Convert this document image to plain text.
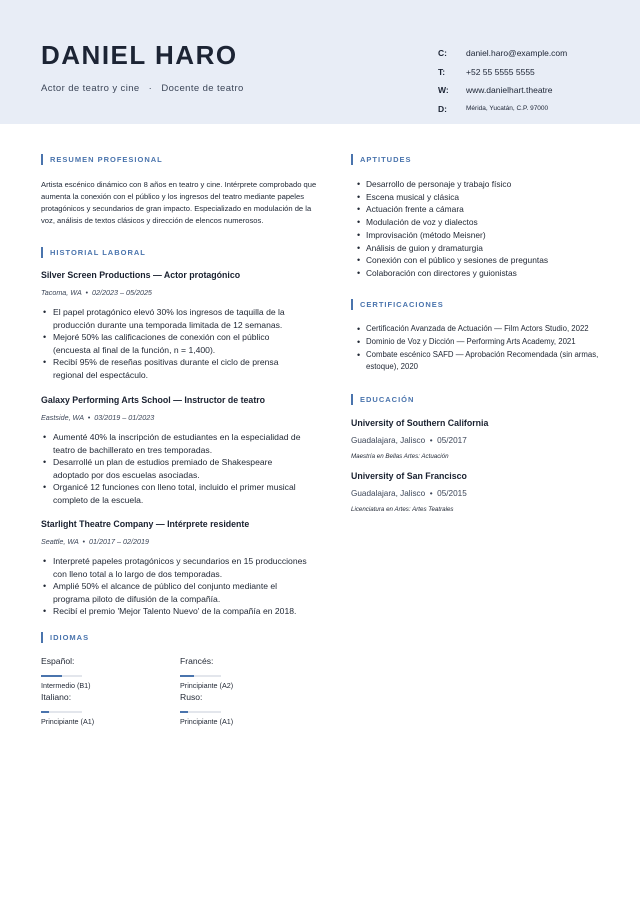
DANIEL HARO
Actor de teatro y cine   ·   Docente de teatro
C:	daniel.haro@example.com
T:	+52 55 5555 5555
W:	www.danielhart.theatre
D:	Mérida, Yucatán, C.P. 97000
RESUMEN PROFESIONAL
Artista escénico dinámico con 8 años en teatro y cine. Intérprete comprobado que aumenta la conexión con el público y los ingresos del teatro mediante papeles protagónicos y secundarios de gran impacto. Especializado en modulación de la voz, análisis de textos clásicos y dirección de elencos numerosos.
HISTORIAL LABORAL
Silver Screen Productions — Actor protagónico
Tacoma, WA  •  02/2023 – 05/2025
• El papel protagónico elevó 30% los ingresos de taquilla de la producción durante una temporada limitada de 12 semanas.
• Mejoré 50% las calificaciones de conexión con el público (encuesta al final de la función, n = 1,400).
• Recibí 95% de reseñas positivas durante el ciclo de prensa regional del espectáculo.
Galaxy Performing Arts School — Instructor de teatro
Eastside, WA  •  03/2019 – 01/2023
• Aumenté 40% la inscripción de estudiantes en la especialidad de teatro de bachillerato en tres temporadas.
• Desarrollé un plan de estudios premiado de Shakespeare adoptado por dos escuelas asociadas.
• Organicé 12 funciones con lleno total, incluido el primer musical completo de la escuela.
Starlight Theatre Company — Intérprete residente
Seattle, WA  •  01/2017 – 02/2019
• Interpreté papeles protagónicos y secundarios en 15 producciones con lleno total a lo largo de dos temporadas.
• Amplié 50% el alcance de público del conjunto mediante el programa piloto de difusión de la compañía.
• Recibí el premio 'Mejor Talento Nuevo' de la compañía en 2018.
IDIOMAS
Español:
Intermedio (B1)
Francés:
Principiante (A2)
Italiano:
Principiante (A1)
Ruso:
Principiante (A1)
APTITUDES
• Desarrollo de personaje y trabajo físico
• Escena musical y clásica
• Actuación frente a cámara
• Modulación de voz y dialectos
• Improvisación (método Meisner)
• Análisis de guion y dramaturgia
• Conexión con el público y sesiones de preguntas
• Colaboración con directores y guionistas
CERTIFICACIONES
• Certificación Avanzada de Actuación — Film Actors Studio, 2022
• Dominio de Voz y Dicción — Performing Arts Academy, 2021
• Combate escénico SAFD — Aprobación Recomendada (sin armas, estoque), 2020
EDUCACIÓN
University of Southern California
Guadalajara, Jalisco  •  05/2017
Maestría en Bellas Artes: Actuación
University of San Francisco
Guadalajara, Jalisco  •  05/2015
Licenciatura en Artes: Artes Teatrales
